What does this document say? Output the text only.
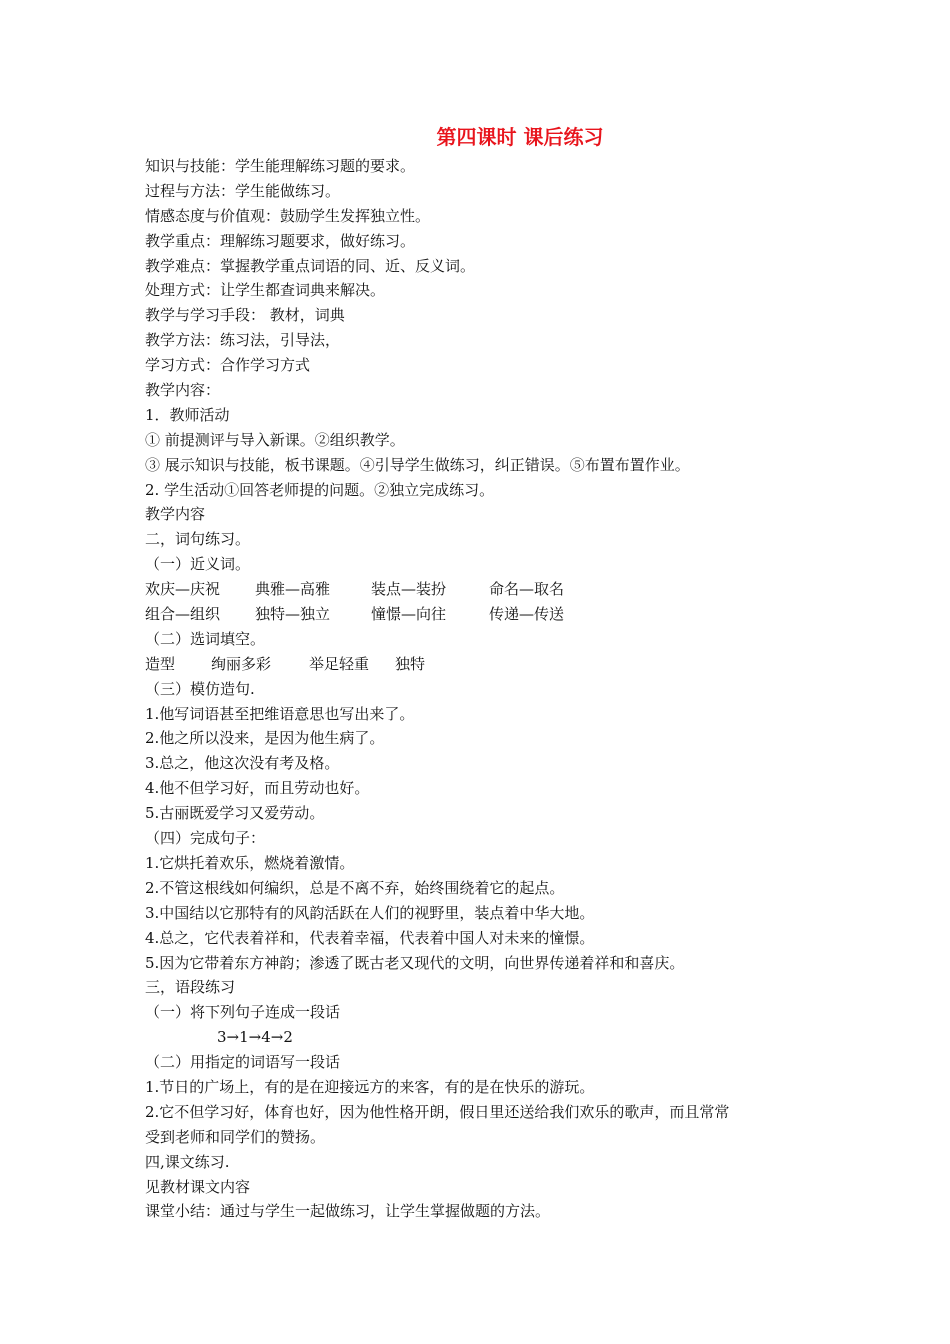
第四课时 课后练习

知识与技能：学生能理解练习题的要求。

过程与方法：学生能做练习。

情感态度与价值观：鼓励学生发挥独立性。

教学重点：理解练习题要求，做好练习。

教学难点：掌握教学重点词语的同、近、反义词。

处理方式：让学生都查词典来解决。

教学与学习手段： 教材，词典

教学方法：练习法，引导法，

学习方式：合作学习方式

教学内容：

1．教师活动

① 前提测评与导入新课。②组织教学。

③ 展示知识与技能，板书课题。④引导学生做练习，纠正错误。⑤布置布置作业。

2. 学生活动①回答老师提的问题。②独立完成练习。

教学内容

二，词句练习。

（一）近义词。

欢庆—庆祝	典雅—高雅	装点—装扮	命名—取名
组合—组织	独特—独立	憧憬—向往	传递—传送

（二）选词填空。

造型	绚丽多彩	举足轻重	独特

（三）模仿造句.

1.他写词语甚至把维语意思也写出来了。

2.他之所以没来，是因为他生病了。

3.总之，他这次没有考及格。

4.他不但学习好，而且劳动也好。

5.古丽既爱学习又爱劳动。

（四）完成句子：

1.它烘托着欢乐，燃烧着激情。

2.不管这根线如何编织，总是不离不弃，始终围绕着它的起点。

3.中国结以它那特有的风韵活跃在人们的视野里，装点着中华大地。

4.总之，它代表着祥和，代表着幸福，代表着中国人对未来的憧憬。

5.因为它带着东方神韵；渗透了既古老又现代的文明，向世界传递着祥和和喜庆。

三，语段练习

（一）将下列句子连成一段话

3→1→4→2

（二）用指定的词语写一段话

1.节日的广场上，有的是在迎接远方的来客，有的是在快乐的游玩。

2.它不但学习好，体育也好，因为他性格开朗，假日里还送给我们欢乐的歌声，而且常常

受到老师和同学们的赞扬。

四,课文练习.

见教材课文内容

课堂小结：通过与学生一起做练习，让学生掌握做题的方法。
